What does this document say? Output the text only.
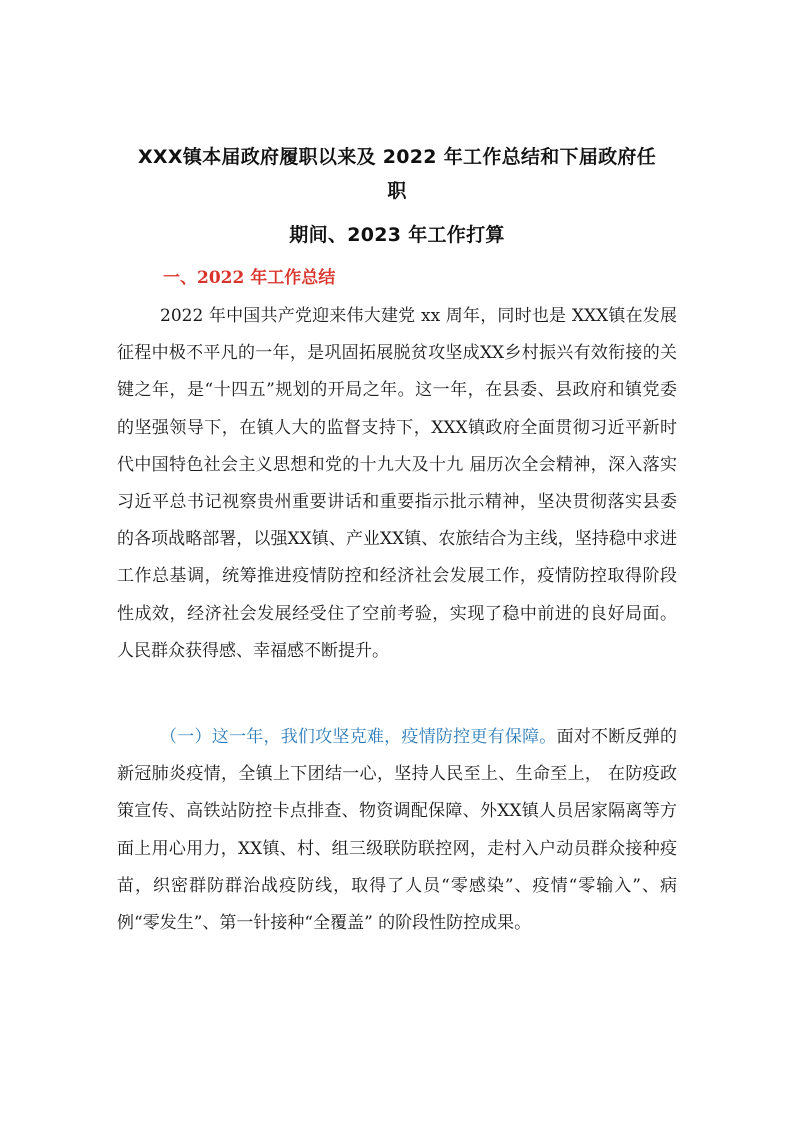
XXX镇本届政府履职以来及 2022 年工作总结和下届政府任
职
期间、2023 年工作打算
一、2022 年工作总结

2022 年中国共产党迎来伟大建党 xx 周年，同时也是 XXX镇在发展征程中极不平凡的一年，是巩固拓展脱贫攻坚成XX乡村振兴有效衔接的关键之年，是“十四五”规划的开局之年。这一年，在县委、县政府和镇党委的坚强领导下，在镇人大的监督支持下，XXX镇政府全面贯彻习近平新时代中国特色社会主义思想和党的十九大及十九 届历次全会精神，深入落实习近平总书记视察贵州重要讲话和重要指示批示精神，坚决贯彻落实县委的各项战略部署，以强XX镇、产业XX镇、农旅结合为主线，坚持稳中求进工作总基调，统筹推进疫情防控和经济社会发展工作，疫情防控取得阶段性成效，经济社会发展经受住了空前考验，实现了稳中前进的良好局面。人民群众获得感、幸福感不断提升。

（一）这一年，我们攻坚克难，疫情防控更有保障。面对不断反弹的新冠肺炎疫情，全镇上下团结一心，坚持人民至上、生命至上， 在防疫政策宣传、高铁站防控卡点排查、物资调配保障、外XX镇人员居家隔离等方面上用心用力，XX镇、村、组三级联防联控网，走村入户动员群众接种疫苗，织密群防群治战疫防线，取得了人员“零感染”、疫情“零输入”、病例“零发生”、第一针接种“全覆盖” 的阶段性防控成果。
